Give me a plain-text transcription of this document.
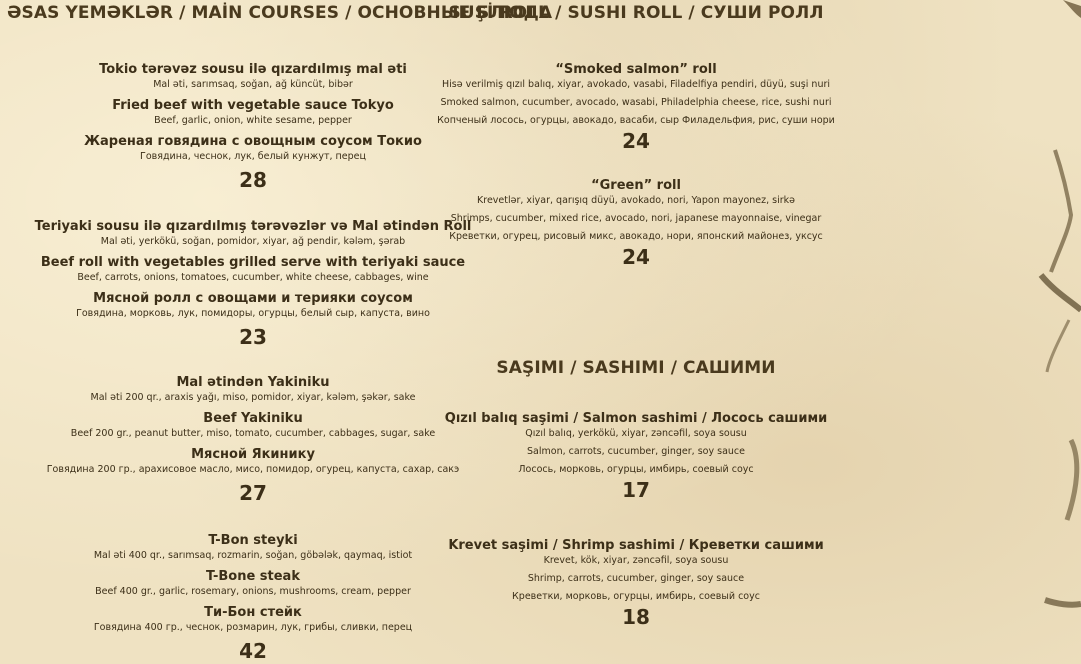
ƏSAS YEMƏKLƏR / MAİN COURSES / ОСНОВНЫЕ БЛЮДА
Tokio tərəvəz sousu ilə qızardılmış mal əti
Mal əti, sarımsaq, soğan, ağ küncüt, bibər
Fried beef with vegetable sauce Tokyo
Beef, garlic, onion, white sesame, pepper
Жареная говядина с овощным соусом Токио
Говядина, чеснок, лук, белый кунжут, перец
28
Teriyaki sousu ilə qızardılmış tərəvəzlər və Mal ətindən Roll
Mal əti, yerkökü, soğan, pomidor, xiyar, ağ pendir, kələm, şərab
Beef roll with vegetables grilled serve with teriyaki sauce
Beef, carrots, onions, tomatoes, cucumber, white cheese, cabbages, wine
Мясной ролл с овощами и терияки соусом
Говядина, морковь, лук, помидоры, огурцы, белый сыр, капуста, вино
23
Mal ətindən Yakiniku
Mal əti 200 qr., araxis yağı, miso, pomidor, xiyar, kələm, şəkər, sake
Beef Yakiniku
Beef 200 gr., peanut butter, miso, tomato, cucumber, cabbages, sugar, sake
Мясной Якинику
Говядина 200 гр., арахисовое масло, мисо, помидор, огурец, капуста, сахар, сакэ
27
T-Bon steyki
Mal əti 400 qr., sarımsaq, rozmarin, soğan, göbələk, qaymaq, istiot
T-Bone steak
Beef 400 gr., garlic, rosemary, onions, mushrooms, cream, pepper
Ти-Бон стейк
Говядина 400 гр., чеснок, розмарин, лук, грибы, сливки, перец
42
SUŞİ ROLL / SUSHI ROLL / СУШИ РОЛЛ
“Smoked salmon” roll
Hisə verilmiş qızıl balıq, xiyar, avokado, vasabi, Filadelfiya pendiri, düyü, suşi nuri
Smoked salmon, cucumber, avocado, wasabi, Philadelphia cheese, rice, sushi nuri
Копченый лосось, огурцы, авокадо, васаби, сыр Филадельфия, рис, суши нори
24
“Green” roll
Krevetlər, xiyar, qarışıq düyü, avokado, nori, Yapon mayonez, sirkə
Shrimps, cucumber, mixed rice, avocado, nori, japanese mayonnaise, vinegar
Креветки, огурец, рисовый микс, авокадо, нори, японский майонез, уксус
24
SAŞIMI / SASHIMI / САШИМИ
Qızıl balıq saşimi / Salmon sashimi / Лосось сашими
Qızıl balıq, yerkökü, xiyar, zəncəfil, soya sousu
Salmon, carrots, cucumber, ginger, soy sauce
Лосось, морковь, огурцы, имбирь, соевый соус
17
Krevet saşimi / Shrimp sashimi / Креветки сашими
Krevet, kök, xiyar, zəncəfil, soya sousu
Shrimp, carrots, cucumber, ginger, soy sauce
Креветки, морковь, огурцы, имбирь, соевый соус
18
